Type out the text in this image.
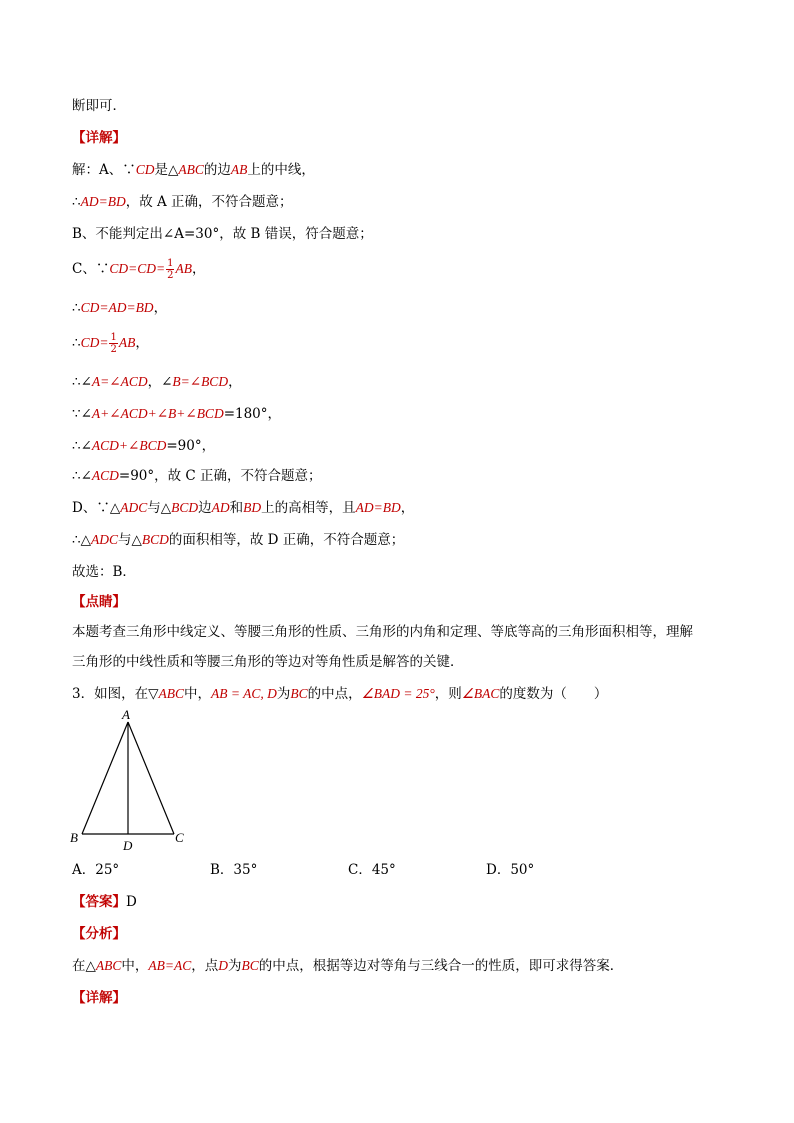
断即可．
【详解】
解：A、∵CD是△ABC的边AB上的中线，
∴AD=BD，故 A 正确，不符合题意；
B、不能判定出∠A=30°，故 B 错误，符合题意；
C、∵CD=CD= $\frac{1}{2}$ AB，
∴CD=AD=BD，
∴CD= $\frac{1}{2}$ AB，
∴∠A=∠ACD，∠B=∠BCD，
∵∠A+∠ACD+∠B+∠BCD=180°，
∴∠ACD+∠BCD=90°，
∴∠ACD=90°，故 C 正确，不符合题意；
D、∵△ADC与△BCD边AD和BD上的高相等，且AD=BD，
∴△ADC与△BCD的面积相等，故 D 正确，不符合题意；
故选：B．
【点睛】
本题考查三角形中线定义、等腰三角形的性质、三角形的内角和定理、等底等高的三角形面积相等，理解
三角形的中线性质和等腰三角形的等边对等角性质是解答的关键．
3．如图，在▽ABC中，AB = AC, D为BC的中点，∠BAD = 25°，则∠BAC的度数为（　　）
A
B	C
D
A．25°	B．35°	C．45°	D．50°
【答案】D
【分析】
在△ABC中，AB=AC，点D为BC的中点，根据等边对等角与三线合一的性质，即可求得答案．
【详解】
